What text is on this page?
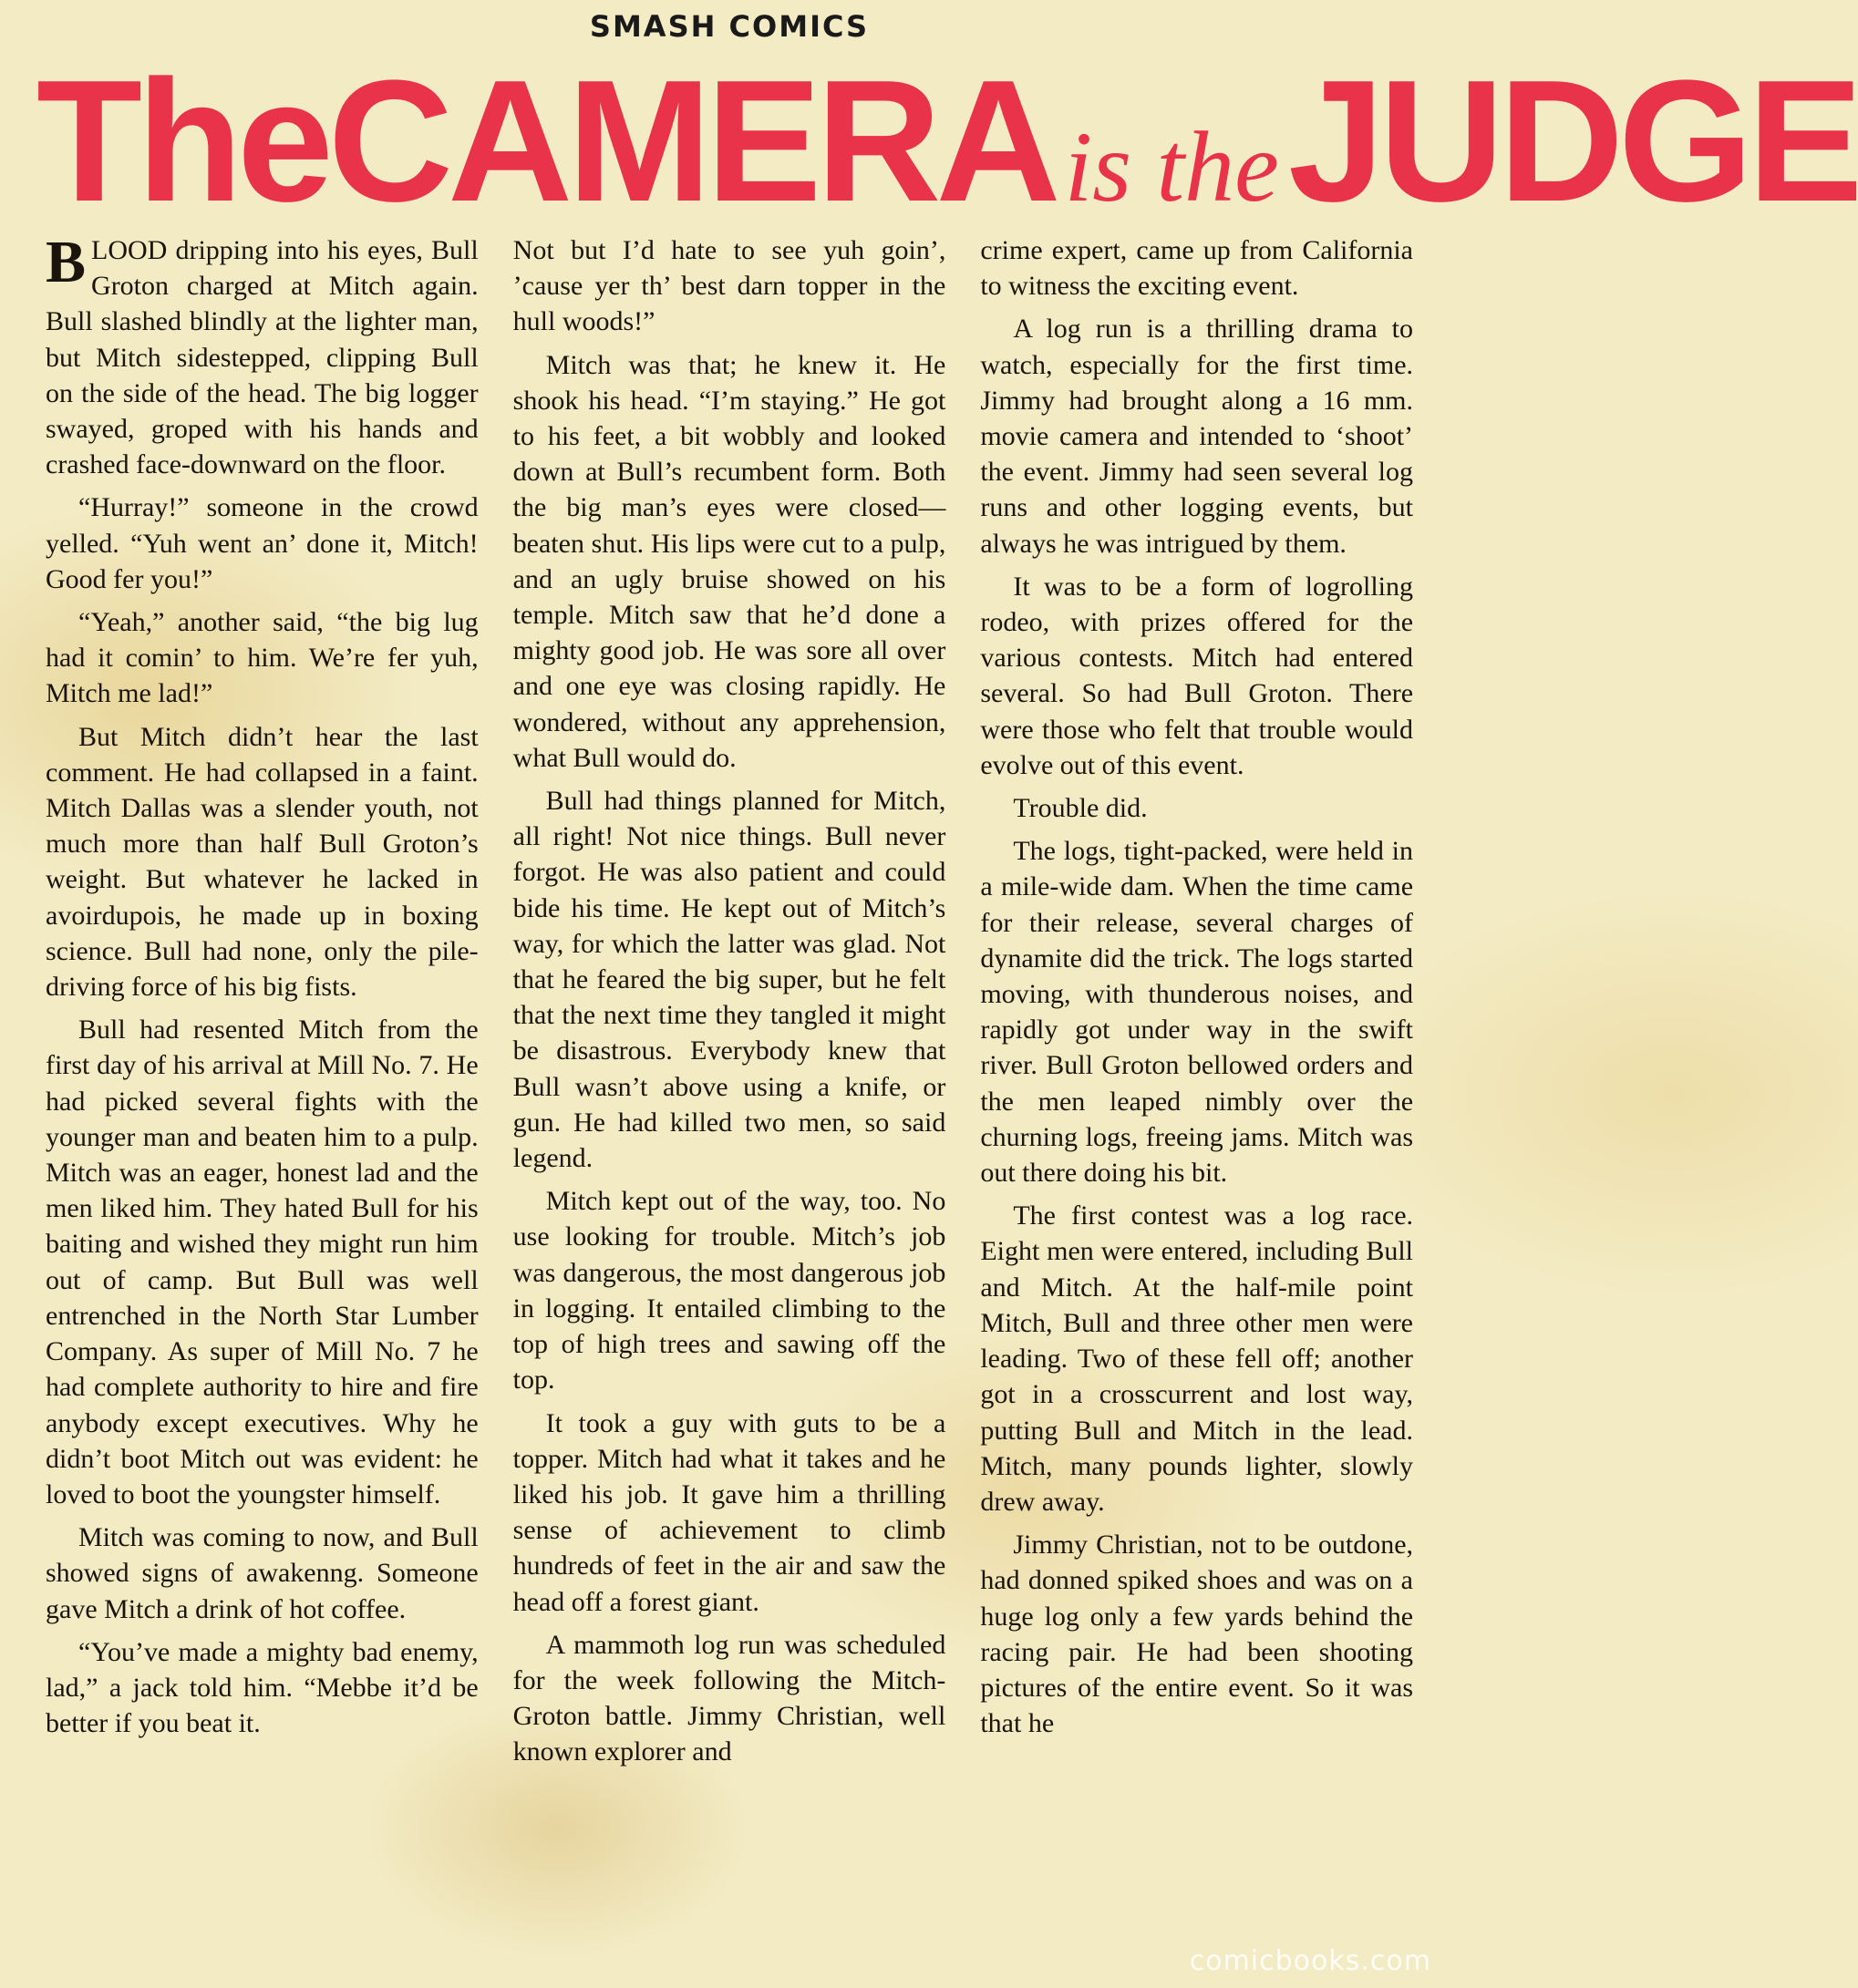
SMASH COMICS
TheCAMERAis theJUDGE

BLOOD dripping into his eyes, Bull Groton charged at Mitch again. Bull slashed blindly at the lighter man, but Mitch sidestepped, clipping Bull on the side of the head. The big logger swayed, groped with his hands and crashed face-downward on the floor.

“Hurray!” someone in the crowd yelled. “Yuh went an’ done it, Mitch! Good fer you!”

“Yeah,” another said, “the big lug had it comin’ to him. We’re fer yuh, Mitch me lad!”

But Mitch didn’t hear the last comment. He had collapsed in a faint. Mitch Dallas was a slender youth, not much more than half Bull Groton’s weight. But whatever he lacked in avoirdupois, he made up in boxing science. Bull had none, only the piledriving force of his big fists.

Bull had resented Mitch from the first day of his arrival at Mill No. 7. He had picked several fights with the younger man and beaten him to a pulp. Mitch was an eager, honest lad and the men liked him. They hated Bull for his baiting and wished they might run him out of camp. But Bull was well entrenched in the North Star Lumber Company. As super of Mill No. 7 he had complete authority to hire and fire anybody except executives. Why he didn’t boot Mitch out was evident: he loved to boot the youngster himself.

Mitch was coming to now, and Bull showed signs of awakenng. Someone gave Mitch a drink of hot coffee.

“You’ve made a mighty bad enemy, lad,” a jack told him. “Mebbe it’d be better if you beat it.

Not but I’d hate to see yuh goin’, ’cause yer th’ best darn topper in the hull woods!”

Mitch was that; he knew it. He shook his head. “I’m staying.” He got to his feet, a bit wobbly and looked down at Bull’s recumbent form. Both the big man’s eyes were closed—beaten shut. His lips were cut to a pulp, and an ugly bruise showed on his temple. Mitch saw that he’d done a mighty good job. He was sore all over and one eye was closing rapidly. He wondered, without any apprehension, what Bull would do.

Bull had things planned for Mitch, all right! Not nice things. Bull never forgot. He was also patient and could bide his time. He kept out of Mitch’s way, for which the latter was glad. Not that he feared the big super, but he felt that the next time they tangled it might be disastrous. Everybody knew that Bull wasn’t above using a knife, or gun. He had killed two men, so said legend.

Mitch kept out of the way, too. No use looking for trouble. Mitch’s job was dangerous, the most dangerous job in logging. It entailed climbing to the top of high trees and sawing off the top.

It took a guy with guts to be a topper. Mitch had what it takes and he liked his job. It gave him a thrilling sense of achievement to climb hundreds of feet in the air and saw the head off a forest giant.

A mammoth log run was scheduled for the week following the Mitch-Groton battle. Jimmy Christian, well known explorer and

crime expert, came up from California to witness the exciting event.

A log run is a thrilling drama to watch, especially for the first time. Jimmy had brought along a 16 mm. movie camera and intended to ‘shoot’ the event. Jimmy had seen several log runs and other logging events, but always he was intrigued by them.

It was to be a form of logrolling rodeo, with prizes offered for the various contests. Mitch had entered several. So had Bull Groton. There were those who felt that trouble would evolve out of this event.

Trouble did.

The logs, tight-packed, were held in a mile-wide dam. When the time came for their release, several charges of dynamite did the trick. The logs started moving, with thunderous noises, and rapidly got under way in the swift river. Bull Groton bellowed orders and the men leaped nimbly over the churning logs, freeing jams. Mitch was out there doing his bit.

The first contest was a log race. Eight men were entered, including Bull and Mitch. At the half-mile point Mitch, Bull and three other men were leading. Two of these fell off; another got in a crosscurrent and lost way, putting Bull and Mitch in the lead. Mitch, many pounds lighter, slowly drew away.

Jimmy Christian, not to be outdone, had donned spiked shoes and was on a huge log only a few yards behind the racing pair. He had been shooting pictures of the entire event. So it was that he

comicbooks.com
